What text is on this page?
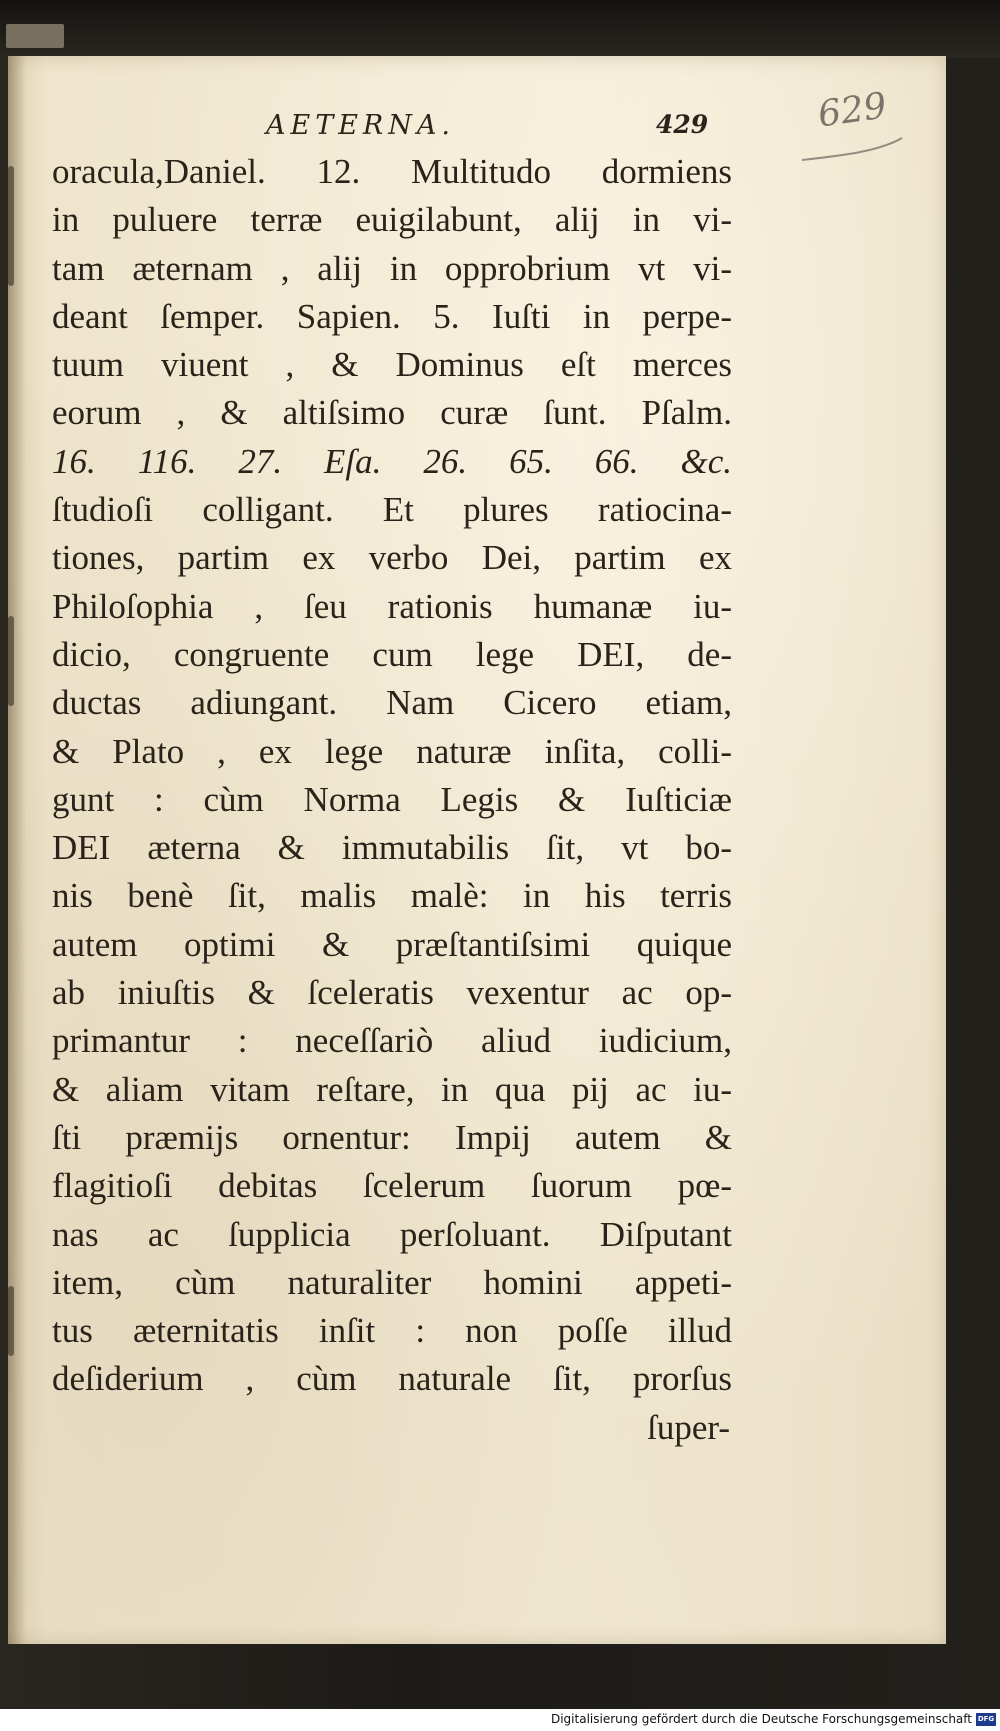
AETERNA.	429	629
oracula,Daniel. 12. Multitudo dormiens
in puluere terræ euigilabunt, alij in vi-
tam æternam , alij in opprobrium vt vi-
deant ſemper. Sapien. 5. Iuſti in perpe-
tuum viuent , & Dominus eſt merces
eorum , & altiſsimo curæ ſunt. Pſalm.
16. 116. 27. Eſa. 26. 65. 66. &c.
ſtudioſi colligant. Et plures ratiocina-
tiones, partim ex verbo Dei, partim ex
Philoſophia , ſeu rationis humanæ iu-
dicio, congruente cum lege DEI, de-
ductas adiungant. Nam Cicero etiam,
& Plato , ex lege naturæ inſita, colli-
gunt : cùm Norma Legis & Iuſticiæ
DEI æterna & immutabilis ſit, vt bo-
nis benè ſit, malis malè: in his terris
autem optimi & præſtantiſsimi quique
ab iniuſtis & ſceleratis vexentur ac op-
primantur : neceſſariò aliud iudicium,
& aliam vitam reſtare, in qua pij ac iu-
ſti præmijs ornentur: Impij autem &
flagitioſi debitas ſcelerum ſuorum pœ-
nas ac ſupplicia perſoluant. Diſputant
item, cùm naturaliter homini appeti-
tus æternitatis inſit : non poſſe illud
deſiderium , cùm naturale ſit, prorſus
ſuper-
Digitalisierung gefördert durch die Deutsche Forschungsgemeinschaft DFG
